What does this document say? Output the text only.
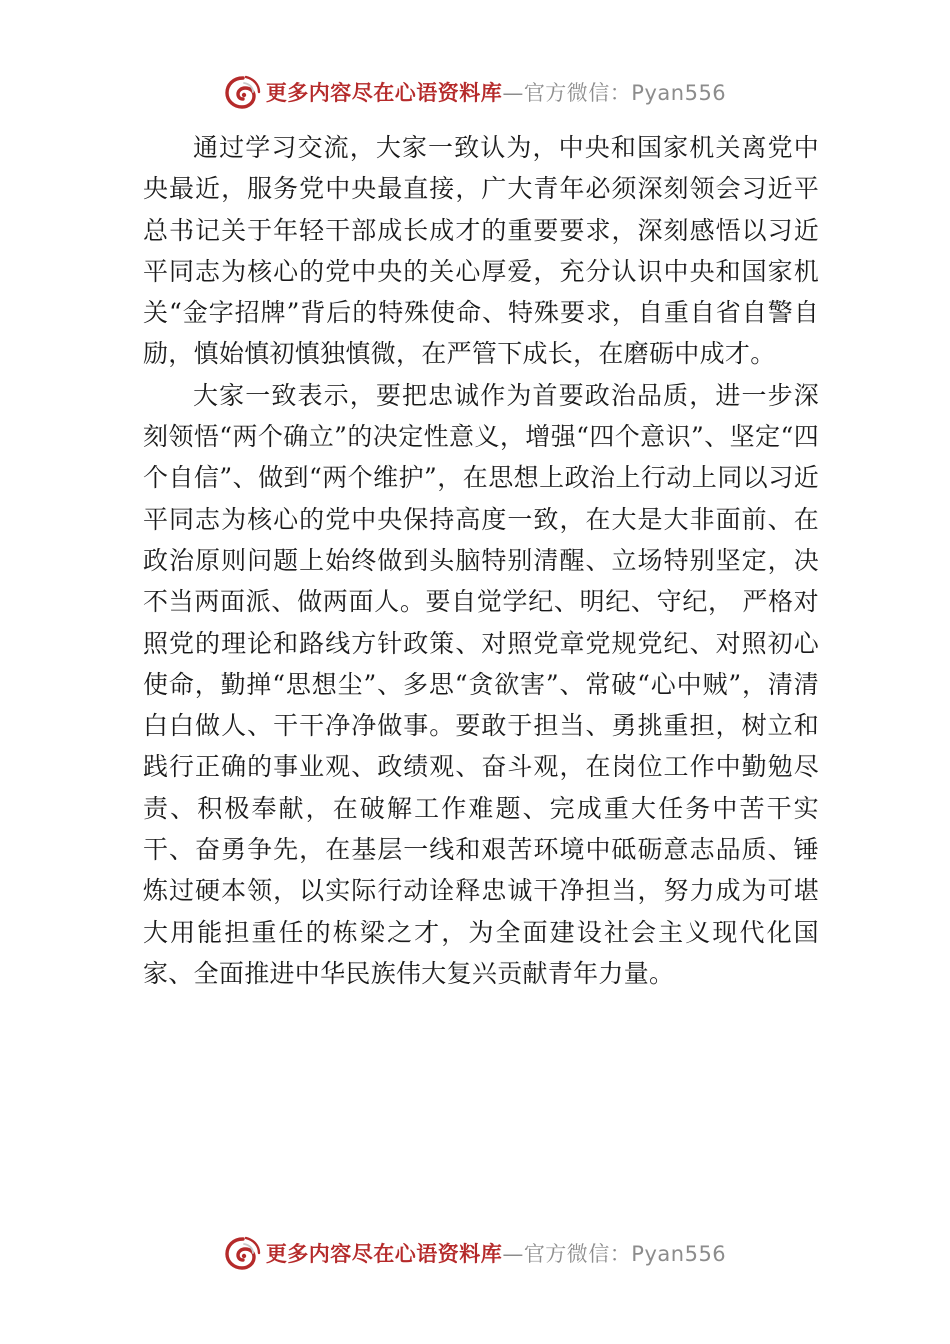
更多内容尽在心语资料库—官方微信：Pyan556

通过学习交流，大家一致认为，中央和国家机关离党中央最近，服务党中央最直接，广大青年必须深刻领会习近平总书记关于年轻干部成长成才的重要要求，深刻感悟以习近平同志为核心的党中央的关心厚爱，充分认识中央和国家机关“金字招牌”背后的特殊使命、特殊要求，自重自省自警自励，慎始慎初慎独慎微，在严管下成长，在磨砺中成才。

大家一致表示，要把忠诚作为首要政治品质，进一步深刻领悟“两个确立”的决定性意义，增强“四个意识”、坚定“四个自信”、做到“两个维护”，在思想上政治上行动上同以习近平同志为核心的党中央保持高度一致，在大是大非面前、在政治原则问题上始终做到头脑特别清醒、立场特别坚定，决不当两面派、做两面人。要自觉学纪、明纪、守纪， 严格对照党的理论和路线方针政策、对照党章党规党纪、对照初心使命，勤掸“思想尘”、多思“贪欲害”、常破“心中贼”，清清白白做人、干干净净做事。要敢于担当、勇挑重担，树立和践行正确的事业观、政绩观、奋斗观，在岗位工作中勤勉尽责、积极奉献，在破解工作难题、完成重大任务中苦干实干、奋勇争先，在基层一线和艰苦环境中砥砺意志品质、锤炼过硬本领，以实际行动诠释忠诚干净担当，努力成为可堪大用能担重任的栋梁之才，为全面建设社会主义现代化国家、全面推进中华民族伟大复兴贡献青年力量。

更多内容尽在心语资料库—官方微信：Pyan556
